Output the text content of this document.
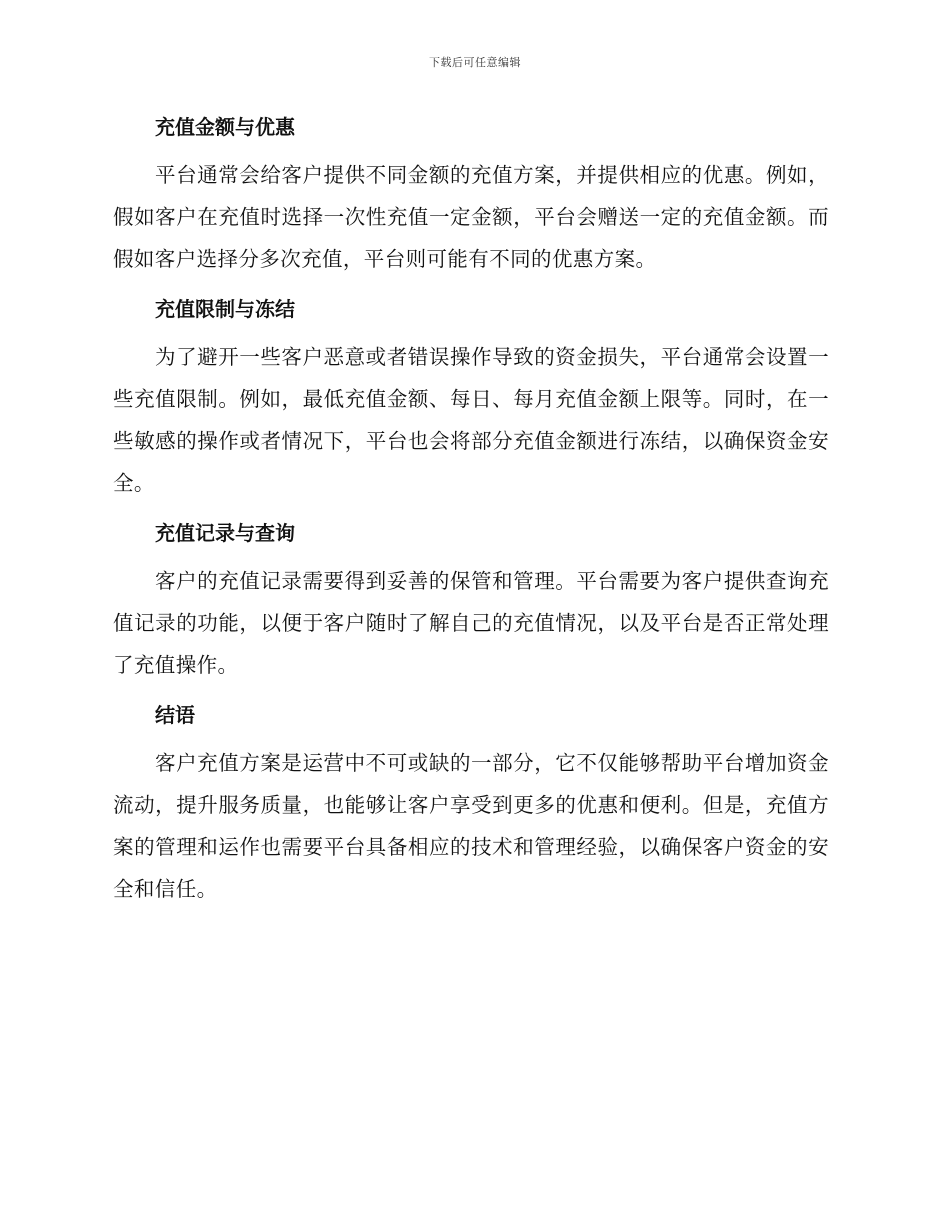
下载后可任意编辑
充值金额与优惠

平台通常会给客户提供不同金额的充值方案，并提供相应的优惠。例如，假如客户在充值时选择一次性充值一定金额，平台会赠送一定的充值金额。而假如客户选择分多次充值，平台则可能有不同的优惠方案。

充值限制与冻结

为了避开一些客户恶意或者错误操作导致的资金损失，平台通常会设置一些充值限制。例如，最低充值金额、每日、每月充值金额上限等。同时，在一些敏感的操作或者情况下，平台也会将部分充值金额进行冻结，以确保资金安全。

充值记录与查询

客户的充值记录需要得到妥善的保管和管理。平台需要为客户提供查询充值记录的功能，以便于客户随时了解自己的充值情况，以及平台是否正常处理了充值操作。

结语

客户充值方案是运营中不可或缺的一部分，它不仅能够帮助平台增加资金流动，提升服务质量，也能够让客户享受到更多的优惠和便利。但是，充值方案的管理和运作也需要平台具备相应的技术和管理经验，以确保客户资金的安全和信任。
